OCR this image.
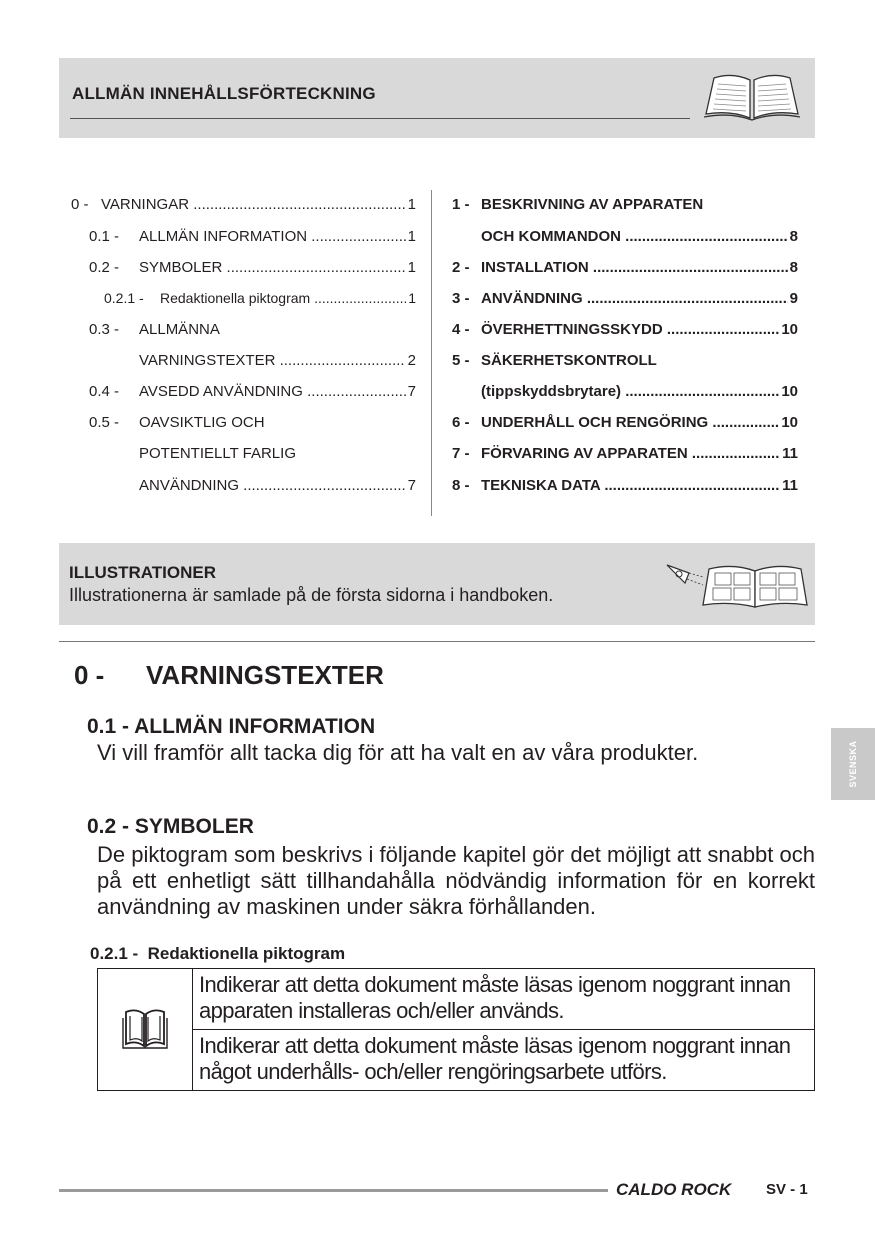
ALLMÄN INNEHÅLLSFÖRTECKNING
0 - VARNINGAR .....	1
0.1 -	ALLMÄN INFORMATION .....	1
0.2 -	SYMBOLER .....	1
0.2.1 -	Redaktionella piktogram .....	1
0.3 -	ALLMÄNNA
VARNINGSTEXTER .....	2
0.4 -	AVSEDD ANVÄNDNING .....	7
0.5 -	OAVSIKTLIG OCH
POTENTIELLT FARLIG
ANVÄNDNING .....	7
1 - BESKRIVNING AV APPARATEN
OCH KOMMANDON .....	8
2 - INSTALLATION .....	8
3 - ANVÄNDNING .....	9
4 - ÖVERHETTNINGSSKYDD .....	10
5 - SÄKERHETSKONTROLL
(tippskyddsbrytare) .....	10
6 - UNDERHÅLL OCH RENGÖRING .....	10
7 - FÖRVARING AV APPARATEN .....	11
8 - TEKNISKA DATA .....	11
ILLUSTRATIONER
Illustrationerna är samlade på de första sidorna i handboken.
0 - VARNINGSTEXTER
0.1 - ALLMÄN INFORMATION
Vi vill framför allt tacka dig för att ha valt en av våra produkter.
0.2 - SYMBOLER
De piktogram som beskrivs i följande kapitel gör det möjligt att snabbt och på ett enhetligt sätt tillhandahålla nödvändig information för en korrekt användning av maskinen under säkra förhållanden.
0.2.1 -  Redaktionella piktogram
	Indikerar att detta dokument måste läsas igenom noggrant innan apparaten installeras och/eller används.
Indikerar att detta dokument måste läsas igenom noggrant innan något underhålls- och/eller rengöringsarbete utförs.
SVENSKA
CALDO ROCK SV - 1
